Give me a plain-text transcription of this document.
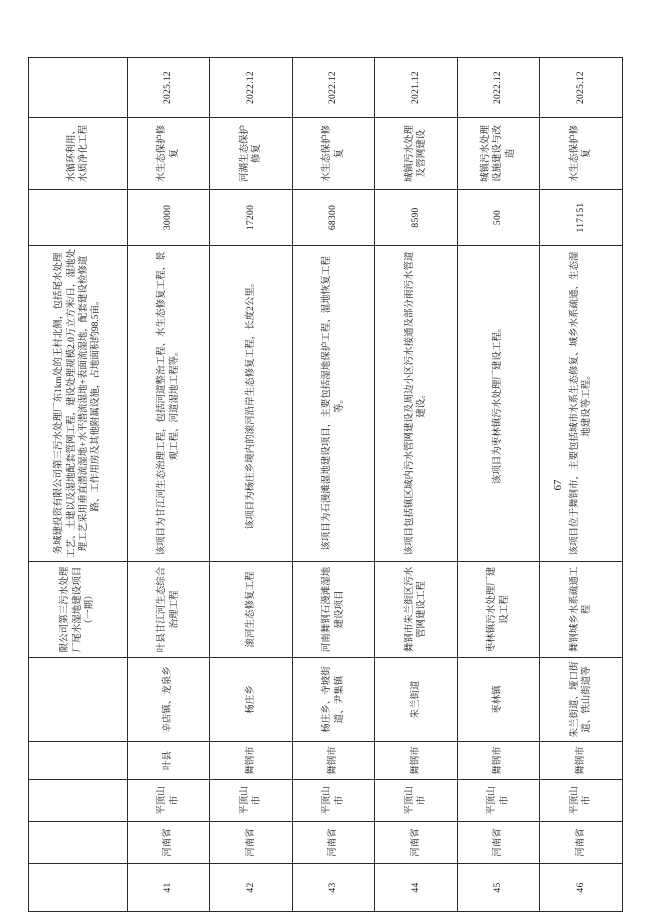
					限公司第三污水处理厂尾水湿地建设项目（一期）	务城建投资有限公司第三污水处理厂东1km处的王村北侧，包括尾水处理工艺、土建以及湿地配套管网工程，建设处理规模2.0万立方米/日，湿地处理工艺采用垂直潜流湿地+水平潜流湿地+表面流湿地，配套建设检修道路、工作用房及其他附属设施，占地面积约98.5亩。		水循环利用、水质净化工程	
41	河南省	平顶山市	叶县	辛店镇、龙泉乡	叶县甘江河生态综合治理工程	该项目为甘江河生态治理工程，包括河道整治工程、水生态修复工程、景观工程、河道湿地工程等。	30000	水生态保护修复	2025.12
42	河南省	平顶山市	舞钢市	杨庄乡	滚河生态修复工程	该项目为杨庄乡境内的滚河沿岸生态修复工程，长度2公里。	17200	河湖生态保护修复	2022.12
43	河南省	平顶山市	舞钢市	杨庄乡、寺坡街道、尹集镇	河南舞钢石漫滩湿地建设项目	该项目为石漫滩湿地建设项目，主要包括湿地保护工程、湿地恢复工程等。	68300	水生态保护修复	2022.12
44	河南省	平顶山市	舞钢市	朱兰街道	舞钢市朱兰街区污水管网建设工程	该项目包括镇区域内污水管网建设及周边小区污水接通及部分雨污水管道建设。	8590	城镇污水处理及管网建设	2021.12
45	河南省	平顶山市	舞钢市	枣林镇	枣林镇污水处理厂建设工程	该项目为枣林镇污水处理厂建设工程。	500	城镇污水处理设施建设与改造	2022.12
46	河南省	平顶山市	舞钢市	朱兰街道、垭口街道、铁山街道等	舞钢城乡水系疏通工程	该项目位于舞钢市，主要包括城市水系生态修复、城乡水系疏通、生态湿地建设等工程。	117151	水生态保护修复	2025.12
67
